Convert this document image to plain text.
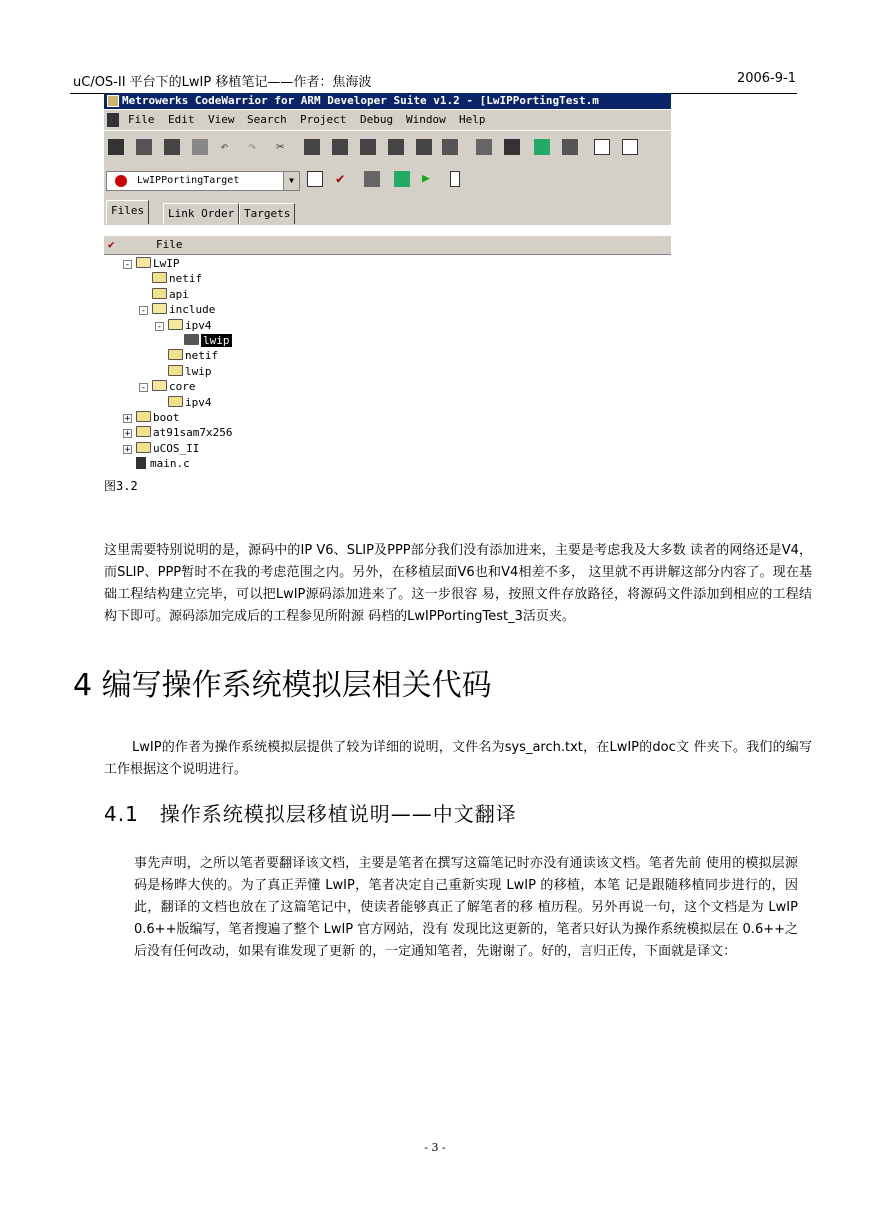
uC/OS-II 平台下的LwIP 移植笔记——作者：焦海波	2006-9-1
Metrowerks CodeWarrior for ARM Developer Suite v1.2 - [LwIPPortingTest.m
File Edit View Search Project Debug Window Help
↶	↷	✂
LwIPPortingTarget	▼	✔	▶
Files	Link Order Targets
✔	File
-	LwIP
netif
api
-	include
-	ipv4
lwip
netif
lwip
-	core
ipv4
+	boot
+	at91sam7x256
+	uCOS_II
main.c
图3.2
这里需要特别说明的是，源码中的IP V6、SLIP及PPP部分我们没有添加进来，主要是考虑我及大多数 读者的网络还是V4，而SLIP、PPP暂时不在我的考虑范围之内。另外，在移植层面V6也和V4相差不多， 这里就不再讲解这部分内容了。现在基础工程结构建立完毕，可以把LwIP源码添加进来了。这一步很容 易，按照文件存放路径，将源码文件添加到相应的工程结构下即可。源码添加完成后的工程参见所附源 码档的LwIPPortingTest_3活页夹。
4 编写操作系统模拟层相关代码
LwIP的作者为操作系统模拟层提供了较为详细的说明，文件名为sys_arch.txt，在LwIP的doc文 件夹下。我们的编写工作根据这个说明进行。
4.1　操作系统模拟层移植说明——中文翻译
事先声明，之所以笔者要翻译该文档，主要是笔者在撰写这篇笔记时亦没有通读该文档。笔者先前 使用的模拟层源码是杨晔大侠的。为了真正弄懂 LwIP，笔者决定自己重新实现 LwIP 的移植，本笔 记是跟随移植同步进行的，因此，翻译的文档也放在了这篇笔记中，使读者能够真正了解笔者的移 植历程。另外再说一句，这个文档是为 LwIP 0.6++版编写，笔者搜遍了整个 LwIP 官方网站，没有 发现比这更新的，笔者只好认为操作系统模拟层在 0.6++之后没有任何改动，如果有谁发现了更新 的，一定通知笔者，先谢谢了。好的，言归正传，下面就是译文：
- 3 -
